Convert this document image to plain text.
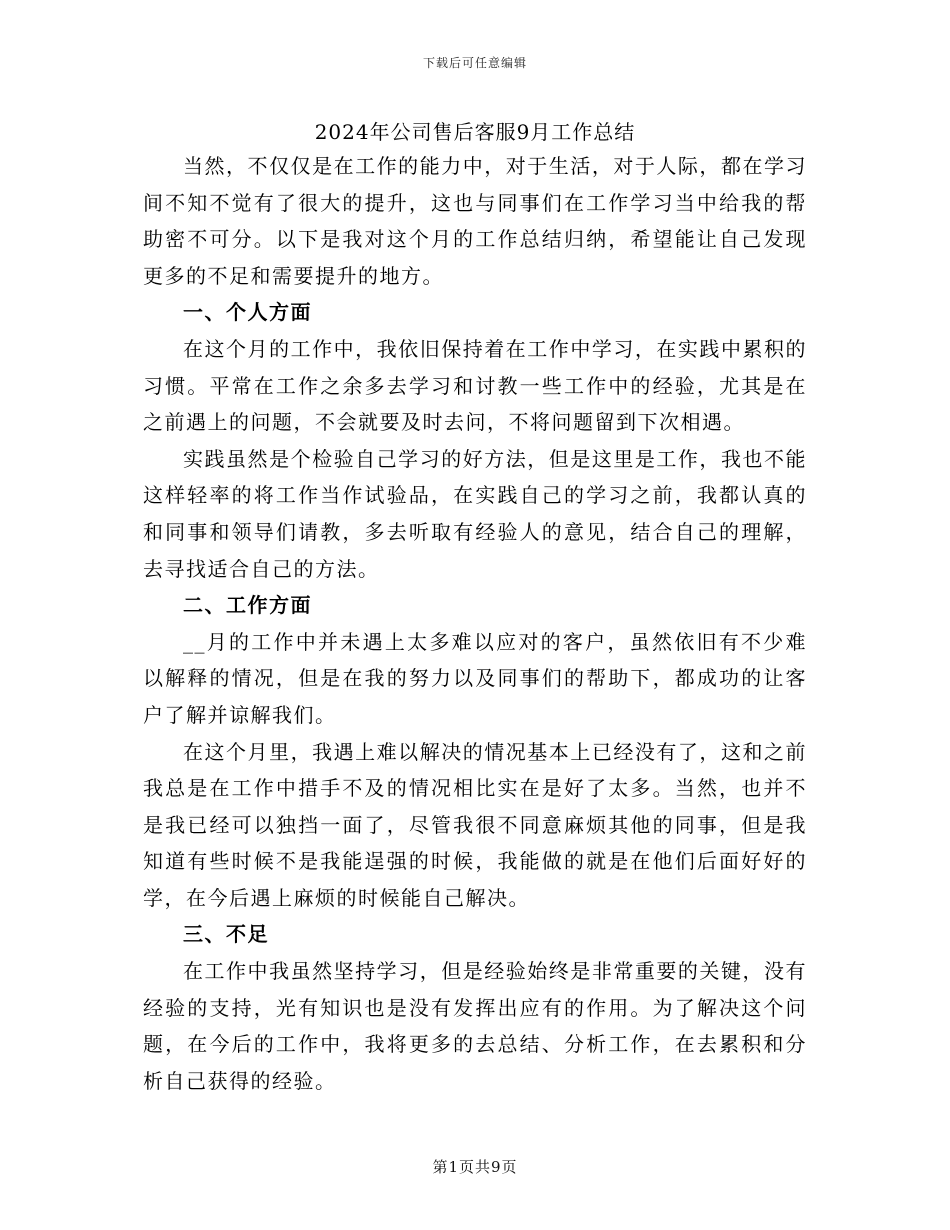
下载后可任意编辑
2024年公司售后客服9月工作总结

当然，不仅仅是在工作的能力中，对于生活，对于人际，都在学习间不知不觉有了很大的提升，这也与同事们在工作学习当中给我的帮助密不可分。以下是我对这个月的工作总结归纳，希望能让自己发现更多的不足和需要提升的地方。

一、个人方面

在这个月的工作中，我依旧保持着在工作中学习，在实践中累积的习惯。平常在工作之余多去学习和讨教一些工作中的经验，尤其是在之前遇上的问题，不会就要及时去问，不将问题留到下次相遇。

实践虽然是个检验自己学习的好方法，但是这里是工作，我也不能这样轻率的将工作当作试验品，在实践自己的学习之前，我都认真的和同事和领导们请教，多去听取有经验人的意见，结合自己的理解，去寻找适合自己的方法。

二、工作方面

__月的工作中并未遇上太多难以应对的客户，虽然依旧有不少难以解释的情况，但是在我的努力以及同事们的帮助下，都成功的让客户了解并谅解我们。

在这个月里，我遇上难以解决的情况基本上已经没有了，这和之前我总是在工作中措手不及的情况相比实在是好了太多。当然，也并不是我已经可以独挡一面了，尽管我很不同意麻烦其他的同事，但是我知道有些时候不是我能逞强的时候，我能做的就是在他们后面好好的学，在今后遇上麻烦的时候能自己解决。

三、不足

在工作中我虽然坚持学习，但是经验始终是非常重要的关键，没有经验的支持，光有知识也是没有发挥出应有的作用。为了解决这个问题，在今后的工作中，我将更多的去总结、分析工作，在去累积和分析自己获得的经验。

第1页共9页
